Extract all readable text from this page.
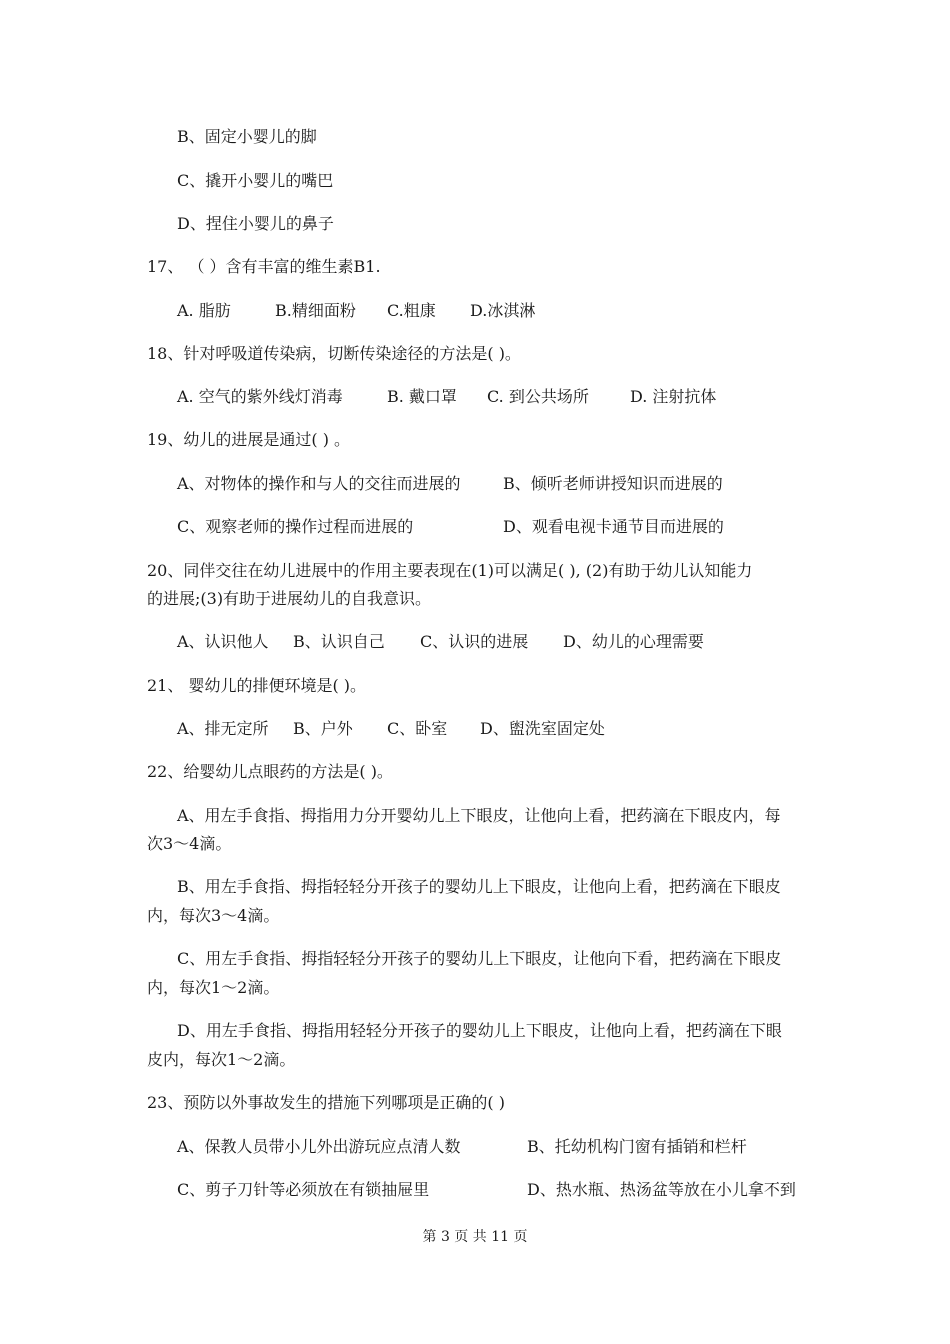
B、固定小婴儿的脚
C、撬开小婴儿的嘴巴
D、捏住小婴儿的鼻子
17、 （ ）含有丰富的维生素B1.
A. 脂肪	B.精细面粉 C.粗康 D.冰淇淋
18、针对呼吸道传染病，切断传染途径的方法是( )。
A. 空气的紫外线灯消毒	B. 戴口罩 C. 到公共场所	D. 注射抗体
19、幼儿的进展是通过( ) 。
A、对物体的操作和与人的交往而进展的	B、倾听老师讲授知识而进展的
C、观察老师的操作过程而进展的	D、观看电视卡通节目而进展的
20、同伴交往在幼儿进展中的作用主要表现在(1)可以满足( ), (2)有助于幼儿认知能力
的进展;(3)有助于进展幼儿的自我意识。
A、认识他人 B、认识自己 C、认识的进展 D、幼儿的心理需要
21、 婴幼儿的排便环境是( )。
A、排无定所 B、户外 C、卧室 D、盥洗室固定处
22、给婴幼儿点眼药的方法是( )。
A、用左手食指、拇指用力分开婴幼儿上下眼皮，让他向上看，把药滴在下眼皮内，每
次3～4滴。
B、用左手食指、拇指轻轻分开孩子的婴幼儿上下眼皮，让他向上看，把药滴在下眼皮
内，每次3～4滴。
C、用左手食指、拇指轻轻分开孩子的婴幼儿上下眼皮，让他向下看，把药滴在下眼皮
内，每次1～2滴。
D、用左手食指、拇指用轻轻分开孩子的婴幼儿上下眼皮，让他向上看，把药滴在下眼
皮内，每次1～2滴。
23、预防以外事故发生的措施下列哪项是正确的( )
A、保教人员带小儿外出游玩应点清人数	B、托幼机构门窗有插销和栏杆
C、剪子刀针等必须放在有锁抽屉里	D、热水瓶、热汤盆等放在小儿拿不到
第 3 页 共 11 页
